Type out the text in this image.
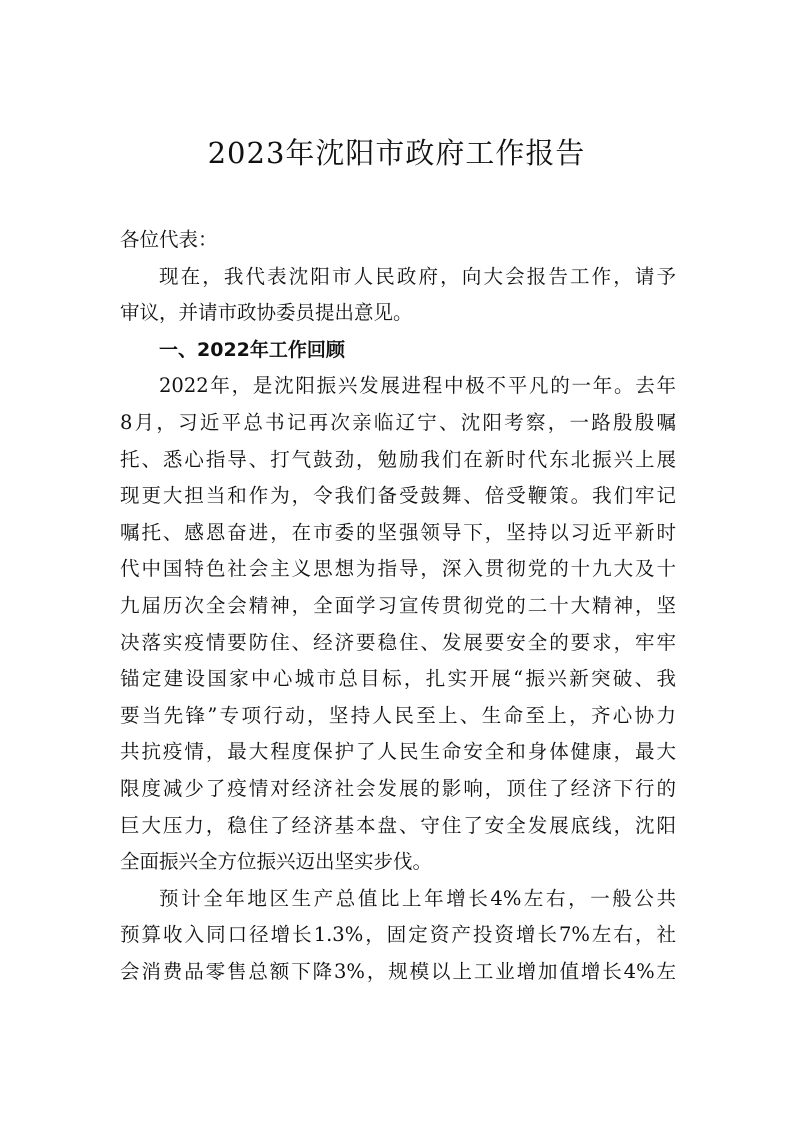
2023年沈阳市政府工作报告
各位代表：
现在，我代表沈阳市人民政府，向大会报告工作，请予
审议，并请市政协委员提出意见。
一、2022年工作回顾
2022年，是沈阳振兴发展进程中极不平凡的一年。去年
8月，习近平总书记再次亲临辽宁、沈阳考察，一路殷殷嘱
托、悉心指导、打气鼓劲，勉励我们在新时代东北振兴上展
现更大担当和作为，令我们备受鼓舞、倍受鞭策。我们牢记
嘱托、感恩奋进，在市委的坚强领导下，坚持以习近平新时
代中国特色社会主义思想为指导，深入贯彻党的十九大及十
九届历次全会精神，全面学习宣传贯彻党的二十大精神，坚
决落实疫情要防住、经济要稳住、发展要安全的要求，牢牢
锚定建设国家中心城市总目标，扎实开展“振兴新突破、我
要当先锋”专项行动，坚持人民至上、生命至上，齐心协力
共抗疫情，最大程度保护了人民生命安全和身体健康，最大
限度减少了疫情对经济社会发展的影响，顶住了经济下行的
巨大压力，稳住了经济基本盘、守住了安全发展底线，沈阳
全面振兴全方位振兴迈出坚实步伐。
预计全年地区生产总值比上年增长4%左右，一般公共
预算收入同口径增长1.3%，固定资产投资增长7%左右，社
会消费品零售总额下降3%，规模以上工业增加值增长4%左
